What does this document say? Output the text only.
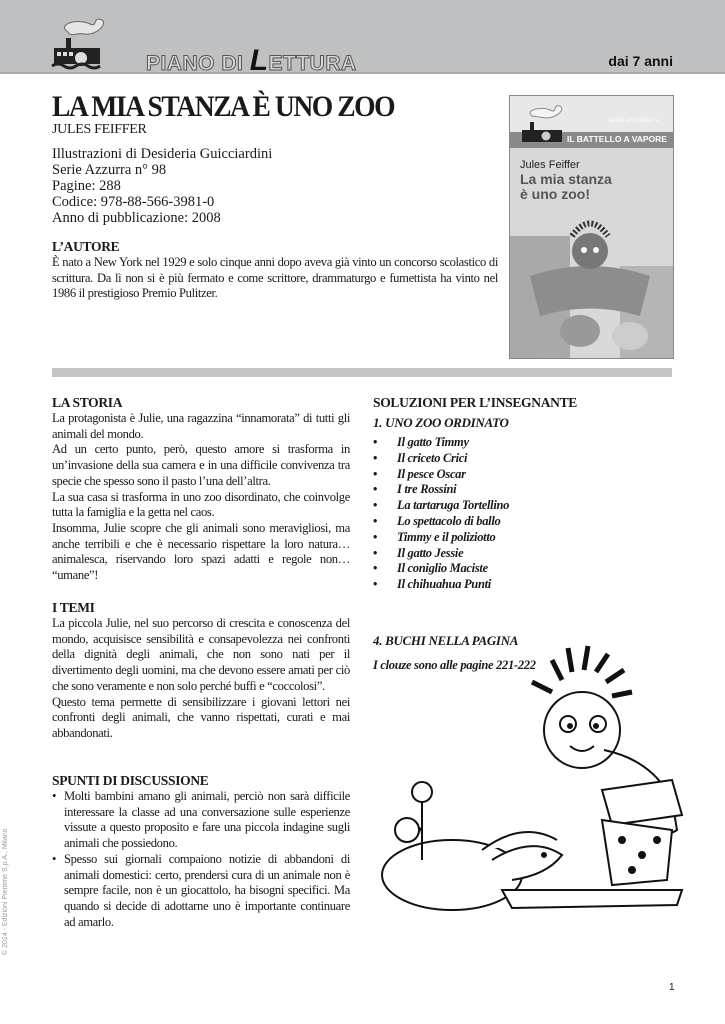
PIANO DI LETTURA	dai 7 anni
LA MIA STANZA È UNO ZOO
JULES FEIFFER
Illustrazioni di Desideria Guicciardini
Serie Azzurra n° 98
Pagine: 288
Codice: 978-88-566-3981-0
Anno di pubblicazione: 2008
L’AUTORE

È nato a New York nel 1929 e solo cinque anni dopo aveva già vinto un concorso scolastico di scrittura. Da lì non si è più fermato e come scrittore, drammaturgo e fumettista ha vinto nel 1986 il prestigioso Premio Pulitzer.

SERIE AZZURRA 7+
IL BATTELLO A VAPORE
Jules Feiffer
La mia stanza
è uno zoo!
LA STORIA

La protagonista è Julie, una ragazzina “innamorata” di tutti gli animali del mondo.

Ad un certo punto, però, questo amore si trasforma in un’invasione della sua camera e in una difficile convivenza tra specie che spesso sono il pasto l’una dell’altra.

La sua casa si trasforma in uno zoo disordinato, che coinvolge tutta la famiglia e la getta nel caos.

Insomma, Julie scopre che gli animali sono meravigliosi, ma anche terribili e che è necessario rispettare la loro natura… animalesca, riservando loro spazi adatti e regole non… “umane”!

I TEMI

La piccola Julie, nel suo percorso di crescita e conoscenza del mondo, acquisisce sensibilità e consapevolezza nei confronti della dignità degli animali, che non sono nati per il divertimento degli uomini, ma che devono essere amati per ciò che sono veramente e non solo perché buffi e “coccolosi”.

Questo tema permette di sensibilizzare i giovani lettori nei confronti degli animali, che vanno rispettati, curati e mai abbandonati.

SPUNTI DI DISCUSSIONE
• Molti bambini amano gli animali, perciò non sarà difficile interessare la classe ad una conversazione sulle esperienze vissute a questo proposito e fare una piccola indagine sugli animali che possiedono.

• Spesso sui giornali compaiono notizie di abbandoni di animali domestici: certo, prendersi cura di un animale non è sempre facile, non è un giocattolo, ha bisogni specifici. Ma quando si decide di adottarne uno è importante continuare ad amarlo.

SOLUZIONI PER L’INSEGNANTE
1. UNO ZOO ORDINATO
• Il gatto Timmy
• Il criceto Crici
• Il pesce Oscar
• I tre Rossini
• La tartaruga Tortellino
• Lo spettacolo di ballo
• Timmy e il poliziotto
• Il gatto Jessie
• Il coniglio Maciste
• Il chihuahua Punti
4. BUCHI NELLA PAGINA
I clouze sono alle pagine 221-222
© 2014 - Edizioni Piemme S.p.A., Milano
1
